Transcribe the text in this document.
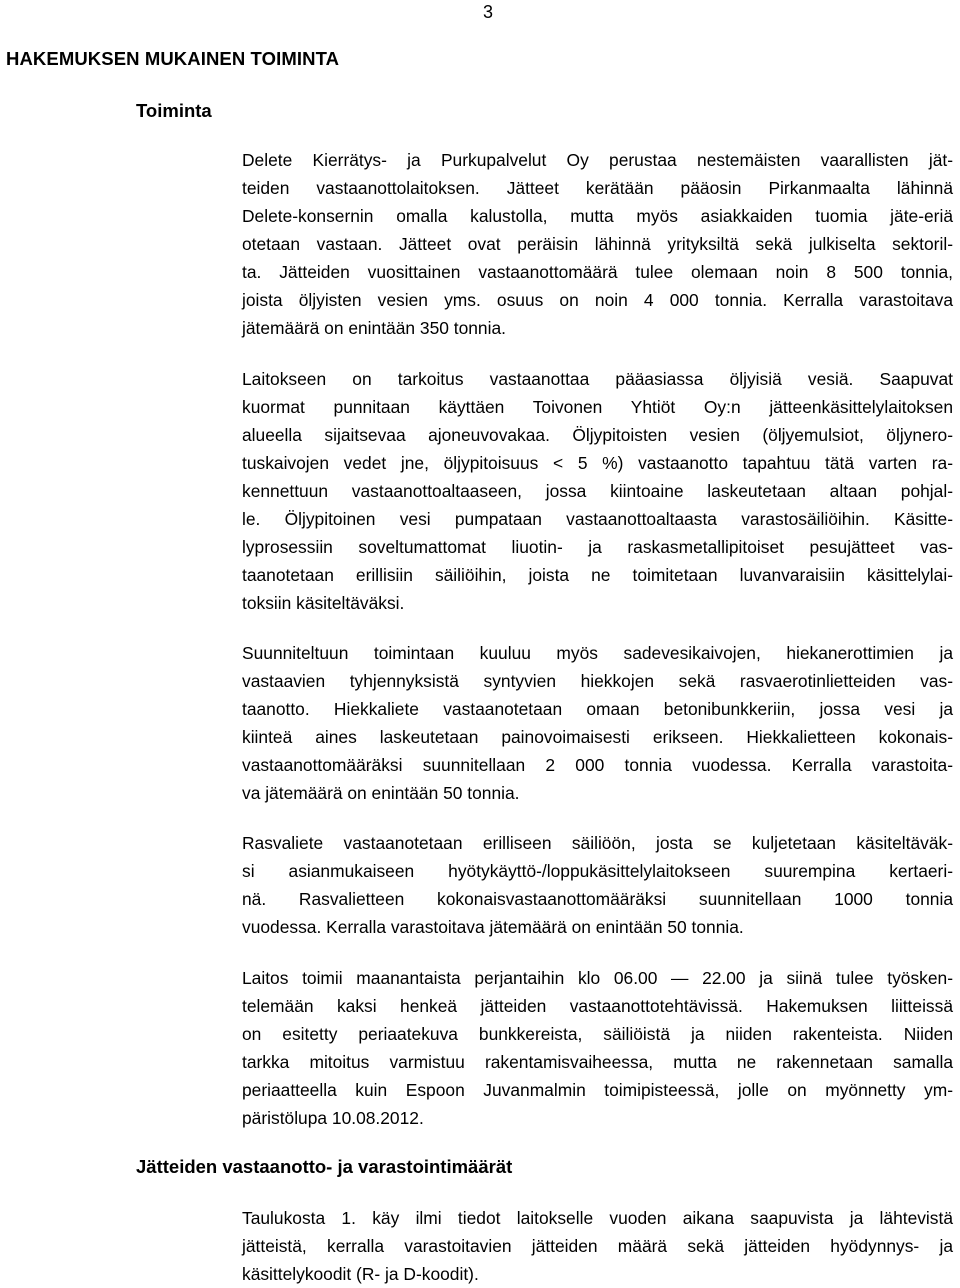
3
HAKEMUKSEN MUKAINEN TOIMINTA
Toiminta
Delete Kierrätys- ja Purkupalvelut Oy perustaa nestemäisten vaarallisten jät-
teiden vastaanottolaitoksen. Jätteet kerätään pääosin Pirkanmaalta lähinnä
Delete-konsernin omalla kalustolla, mutta myös asiakkaiden tuomia jäte-eriä
otetaan vastaan. Jätteet ovat peräisin lähinnä yrityksiltä sekä julkiselta sektoril-
ta. Jätteiden vuosittainen vastaanottomäärä tulee olemaan noin 8 500 tonnia,
joista öljyisten vesien yms. osuus on noin 4 000 tonnia. Kerralla varastoitava
jätemäärä on enintään 350 tonnia.
Laitokseen on tarkoitus vastaanottaa pääasiassa öljyisiä vesiä. Saapuvat
kuormat punnitaan käyttäen Toivonen Yhtiöt Oy:n jätteenkäsittelylaitoksen
alueella sijaitsevaa ajoneuvovakaa. Öljypitoisten vesien (öljyemulsiot, öljynero-
tuskaivojen vedet jne, öljypitoisuus < 5 %) vastaanotto tapahtuu tätä varten ra-
kennettuun vastaanottoaltaaseen, jossa kiintoaine laskeutetaan altaan pohjal-
le. Öljypitoinen vesi pumpataan vastaanottoaltaasta varastosäiliöihin. Käsitte-
lyprosessiin soveltumattomat liuotin- ja raskasmetallipitoiset pesujätteet vas-
taanotetaan erillisiin säiliöihin, joista ne toimitetaan luvanvaraisiin käsittelylai-
toksiin käsiteltäväksi.
Suunniteltuun toimintaan kuuluu myös sadevesikaivojen, hiekanerottimien ja
vastaavien tyhjennyksistä syntyvien hiekkojen sekä rasvaerotinlietteiden vas-
taanotto. Hiekkaliete vastaanotetaan omaan betonibunkkeriin, jossa vesi ja
kiinteä aines laskeutetaan painovoimaisesti erikseen. Hiekkalietteen kokonais-
vastaanottomääräksi suunnitellaan 2 000 tonnia vuodessa. Kerralla varastoita-
va jätemäärä on enintään 50 tonnia.
Rasvaliete vastaanotetaan erilliseen säiliöön, josta se kuljetetaan käsiteltäväk-
si asianmukaiseen hyötykäyttö-/loppukäsittelylaitokseen suurempina kertaeri-
nä. Rasvalietteen kokonaisvastaanottomääräksi suunnitellaan 1000 tonnia
vuodessa. Kerralla varastoitava jätemäärä on enintään 50 tonnia.
Laitos toimii maanantaista perjantaihin klo 06.00 — 22.00 ja siinä tulee työsken-
telemään kaksi henkeä jätteiden vastaanottotehtävissä. Hakemuksen liitteissä
on esitetty periaatekuva bunkkereista, säiliöistä ja niiden rakenteista. Niiden
tarkka mitoitus varmistuu rakentamisvaiheessa, mutta ne rakennetaan samalla
periaatteella kuin Espoon Juvanmalmin toimipisteessä, jolle on myönnetty ym-
päristölupa 10.08.2012.
Jätteiden vastaanotto- ja varastointimäärät
Taulukosta 1. käy ilmi tiedot laitokselle vuoden aikana saapuvista ja lähtevistä
jätteistä, kerralla varastoitavien jätteiden määrä sekä jätteiden hyödynnys- ja
käsittelykoodit (R- ja D-koodit).
